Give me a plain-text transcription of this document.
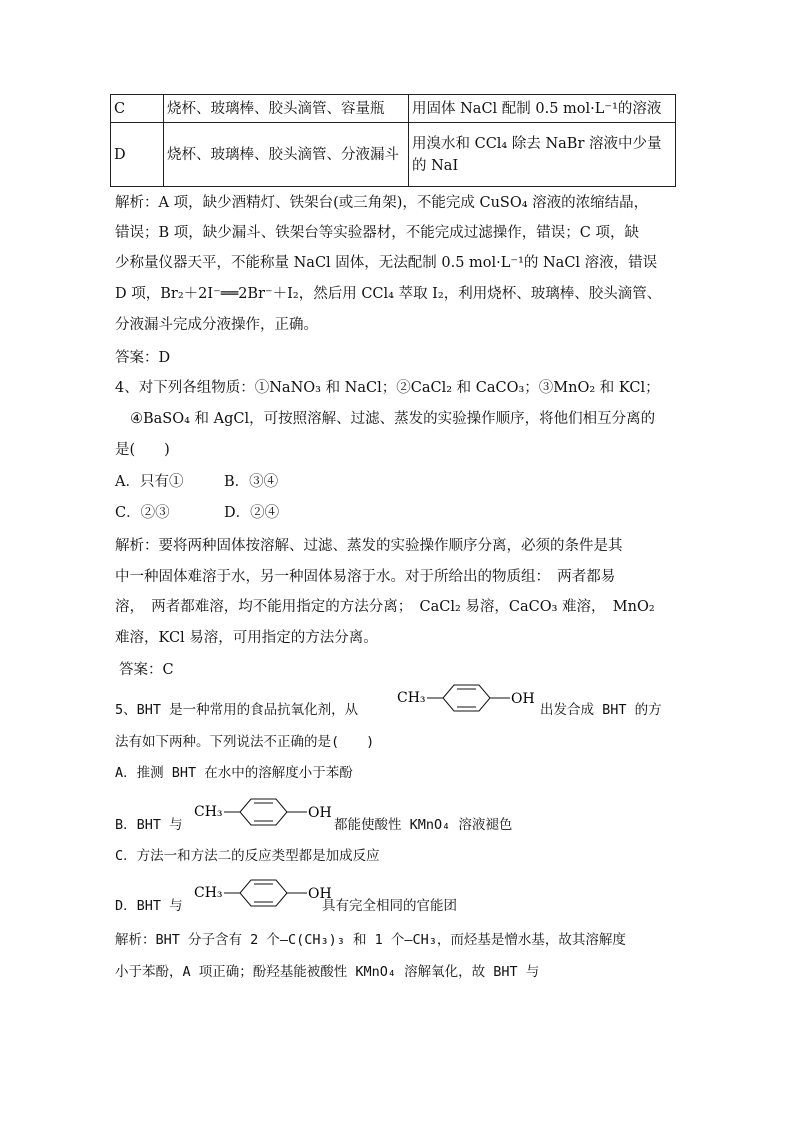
C	烧杯、玻璃棒、胶头滴管、容量瓶	用固体 NaCl 配制 0.5 mol·L⁻¹的溶液
D	烧杯、玻璃棒、胶头滴管、分液漏斗	用溴水和 CCl₄ 除去 NaBr 溶液中少量
的 NaI
解析：A 项，缺少酒精灯、铁架台(或三角架)，不能完成 CuSO₄ 溶液的浓缩结晶，
错误；B 项，缺少漏斗、铁架台等实验器材，不能完成过滤操作，错误；C 项，缺
少称量仪器天平，不能称量 NaCl 固体，无法配制 0.5 mol·L⁻¹的 NaCl 溶液，错误
D 项，Br₂＋2I⁻══2Br⁻＋I₂，然后用 CCl₄ 萃取 I₂，利用烧杯、玻璃棒、胶头滴管、
分液漏斗完成分液操作，正确。
答案：D
4、对下列各组物质：①NaNO₃ 和 NaCl；②CaCl₂ 和 CaCO₃；③MnO₂ 和 KCl；
④BaSO₄ 和 AgCl，可按照溶解、过滤、蒸发的实验操作顺序，将他们相互分离的
是(　　)
A．只有①	B．③④
C．②③	D．②④
解析：要将两种固体按溶解、过滤、蒸发的实验操作顺序分离，必须的条件是其
中一种固体难溶于水，另一种固体易溶于水。对于所给出的物质组：　两者都易
溶，　两者都难溶，均不能用指定的方法分离；　CaCl₂ 易溶，CaCO₃ 难溶，　MnO₂
难溶，KCl 易溶，可用指定的方法分离。
答案：C
5、BHT 是一种常用的食品抗氧化剂，从
CH₃	OH
出发合成 BHT 的方
法有如下两种。下列说法不正确的是(　　)
A．推测 BHT 在水中的溶解度小于苯酚
B．BHT 与
CH₃	OH
都能使酸性 KMnO₄ 溶液褪色
C．方法一和方法二的反应类型都是加成反应
D．BHT 与
CH₃	OH
具有完全相同的官能团
解析：BHT 分子含有 2 个—C(CH₃)₃ 和 1 个—CH₃，而烃基是憎水基，故其溶解度
小于苯酚，A 项正确；酚羟基能被酸性 KMnO₄ 溶解氧化，故 BHT 与
